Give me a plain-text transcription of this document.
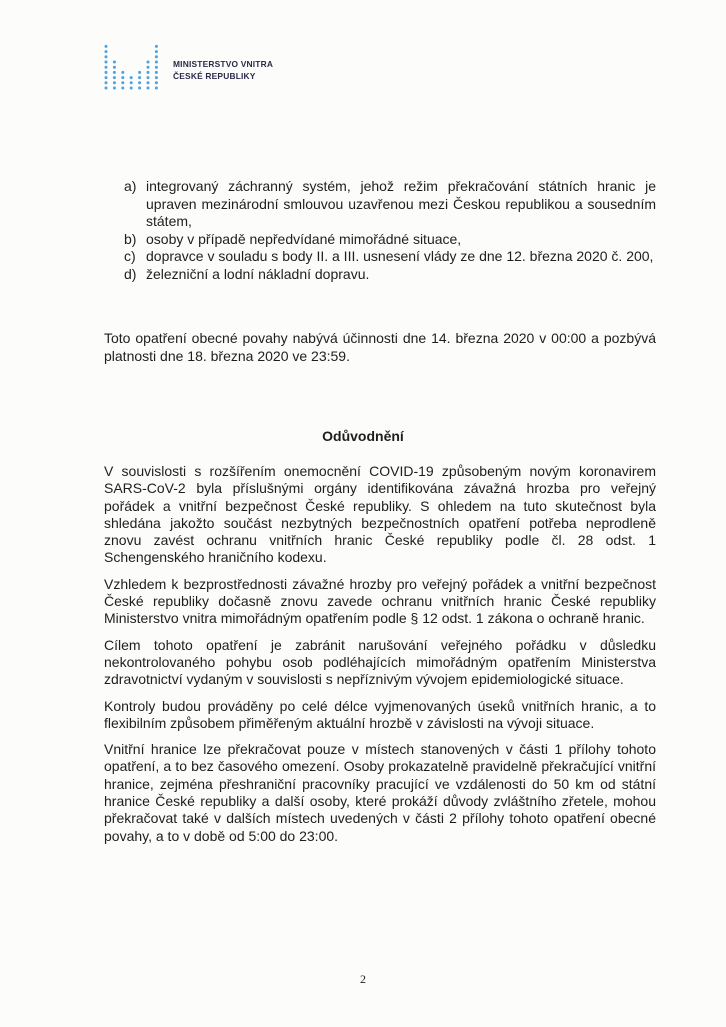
MINISTERSTVO VNITRA
ČESKÉ REPUBLIKY
a) integrovaný záchranný systém, jehož režim překračování státních hranic je upraven mezinárodní smlouvou uzavřenou mezi Českou republikou a sousedním státem,
b) osoby v případě nepředvídané mimořádné situace,
c) dopravce v souladu s body II. a III. usnesení vlády ze dne 12. března 2020 č. 200,
d) železniční a lodní nákladní dopravu.

Toto opatření obecné povahy nabývá účinnosti dne 14. března 2020 v 00:00 a pozbývá platnosti dne 18. března 2020 ve 23:59.

Odůvodnění

V souvislosti s rozšířením onemocnění COVID-19 způsobeným novým koronavirem SARS-CoV-2 byla příslušnými orgány identifikována závažná hrozba pro veřejný pořádek a vnitřní bezpečnost České republiky. S ohledem na tuto skutečnost byla shledána jakožto součást nezbytných bezpečnostních opatření potřeba neprodleně znovu zavést ochranu vnitřních hranic České republiky podle čl. 28 odst. 1 Schengenského hraničního kodexu.

Vzhledem k bezprostřednosti závažné hrozby pro veřejný pořádek a vnitřní bezpečnost České republiky dočasně znovu zavede ochranu vnitřních hranic České republiky Ministerstvo vnitra mimořádným opatřením podle § 12 odst. 1 zákona o ochraně hranic.

Cílem tohoto opatření je zabránit narušování veřejného pořádku v důsledku nekontrolovaného pohybu osob podléhajících mimořádným opatřením Ministerstva zdravotnictví vydaným v souvislosti s nepříznivým vývojem epidemiologické situace.

Kontroly budou prováděny po celé délce vyjmenovaných úseků vnitřních hranic, a to flexibilním způsobem přiměřeným aktuální hrozbě v závislosti na vývoji situace.

Vnitřní hranice lze překračovat pouze v místech stanovených v části 1 přílohy tohoto opatření, a to bez časového omezení. Osoby prokazatelně pravidelně překračující vnitřní hranice, zejména přeshraniční pracovníky pracující ve vzdálenosti do 50 km od státní hranice České republiky a další osoby, které prokáží důvody zvláštního zřetele, mohou překračovat také v dalších místech uvedených v části 2 přílohy tohoto opatření obecné povahy, a to v době od 5:00 do 23:00.

2
